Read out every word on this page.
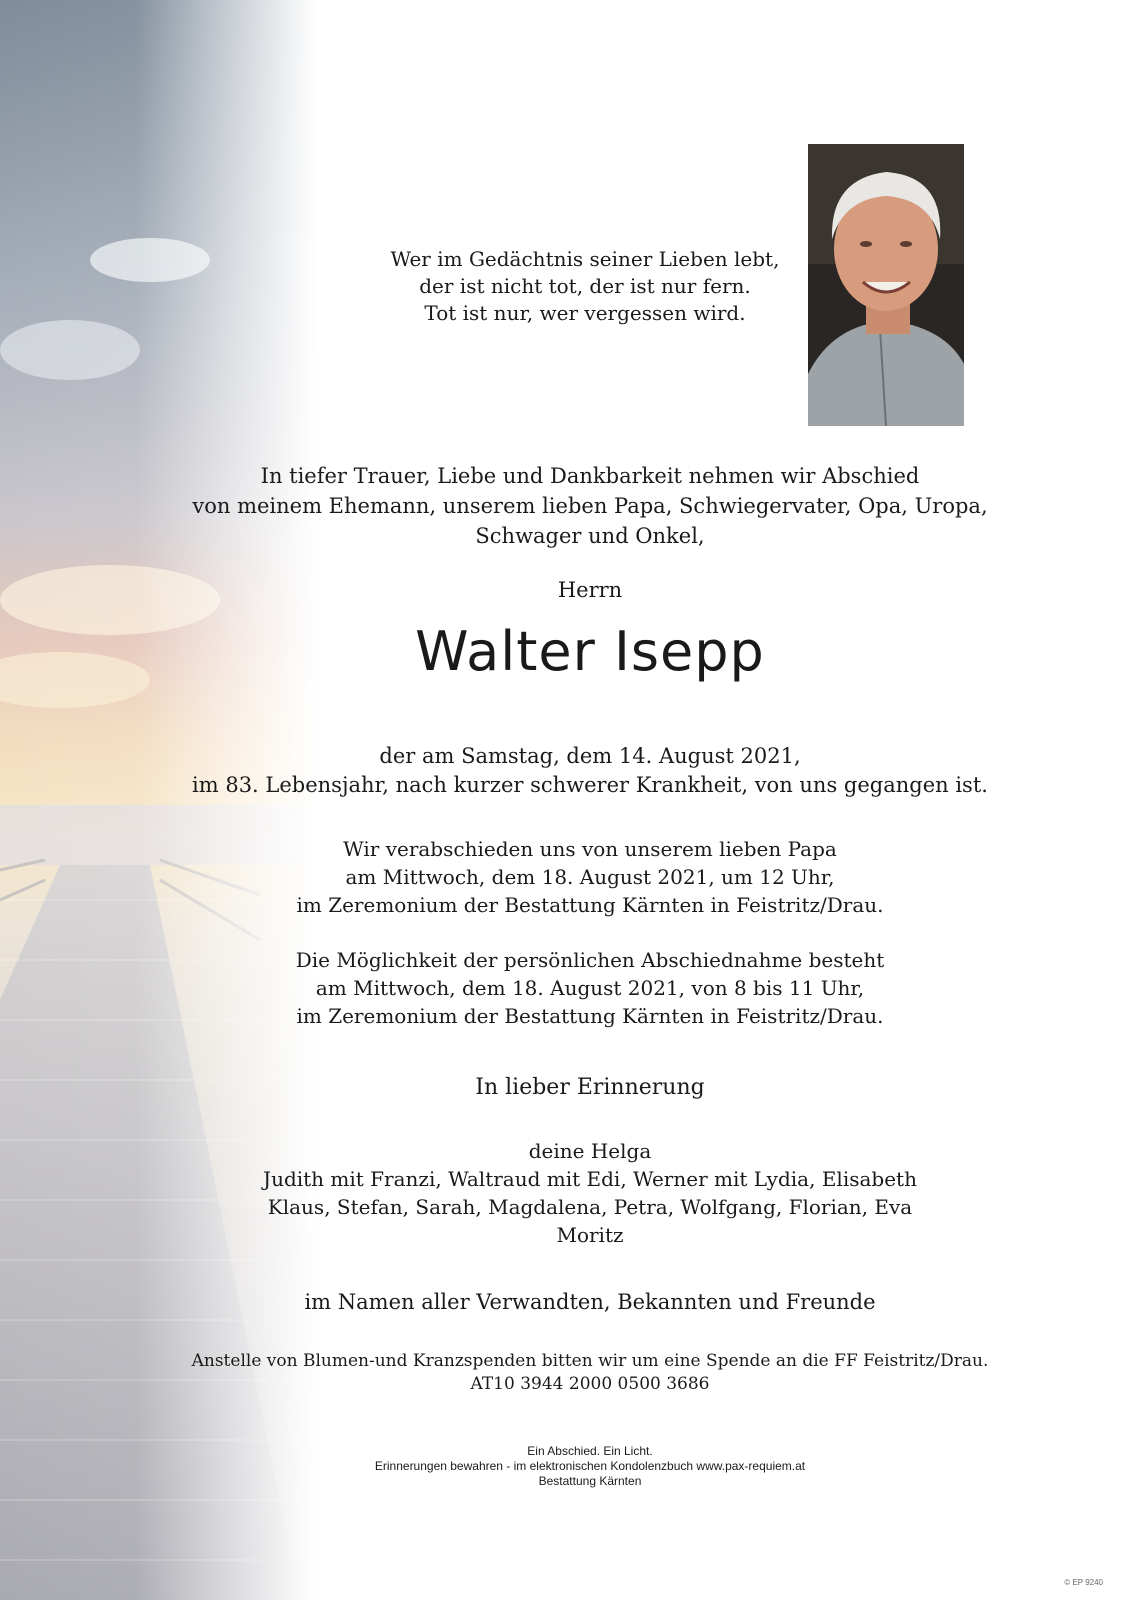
Wer im Gedächtnis seiner Lieben lebt,
der ist nicht tot, der ist nur fern.
Tot ist nur, wer vergessen wird.
In tiefer Trauer, Liebe und Dankbarkeit nehmen wir Abschied
von meinem Ehemann, unserem lieben Papa, Schwiegervater, Opa, Uropa,
Schwager und Onkel,
Herrn
Walter Isepp
der am Samstag, dem 14. August 2021,
im 83. Lebensjahr, nach kurzer schwerer Krankheit, von uns gegangen ist.
Wir verabschieden uns von unserem lieben Papa
am Mittwoch, dem 18. August 2021, um 12 Uhr,
im Zeremonium der Bestattung Kärnten in Feistritz/Drau.
Die Möglichkeit der persönlichen Abschiednahme besteht
am Mittwoch, dem 18. August 2021, von 8 bis 11 Uhr,
im Zeremonium der Bestattung Kärnten in Feistritz/Drau.
In lieber Erinnerung
deine Helga
Judith mit Franzi, Waltraud mit Edi, Werner mit Lydia, Elisabeth
Klaus, Stefan, Sarah, Magdalena, Petra, Wolfgang, Florian, Eva
Moritz
im Namen aller Verwandten, Bekannten und Freunde
Anstelle von Blumen-und Kranzspenden bitten wir um eine Spende an die FF Feistritz/Drau.
AT10 3944 2000 0500 3686
Ein Abschied. Ein Licht.
Erinnerungen bewahren - im elektronischen Kondolenzbuch www.pax-requiem.at
Bestattung Kärnten
© EP 9240
